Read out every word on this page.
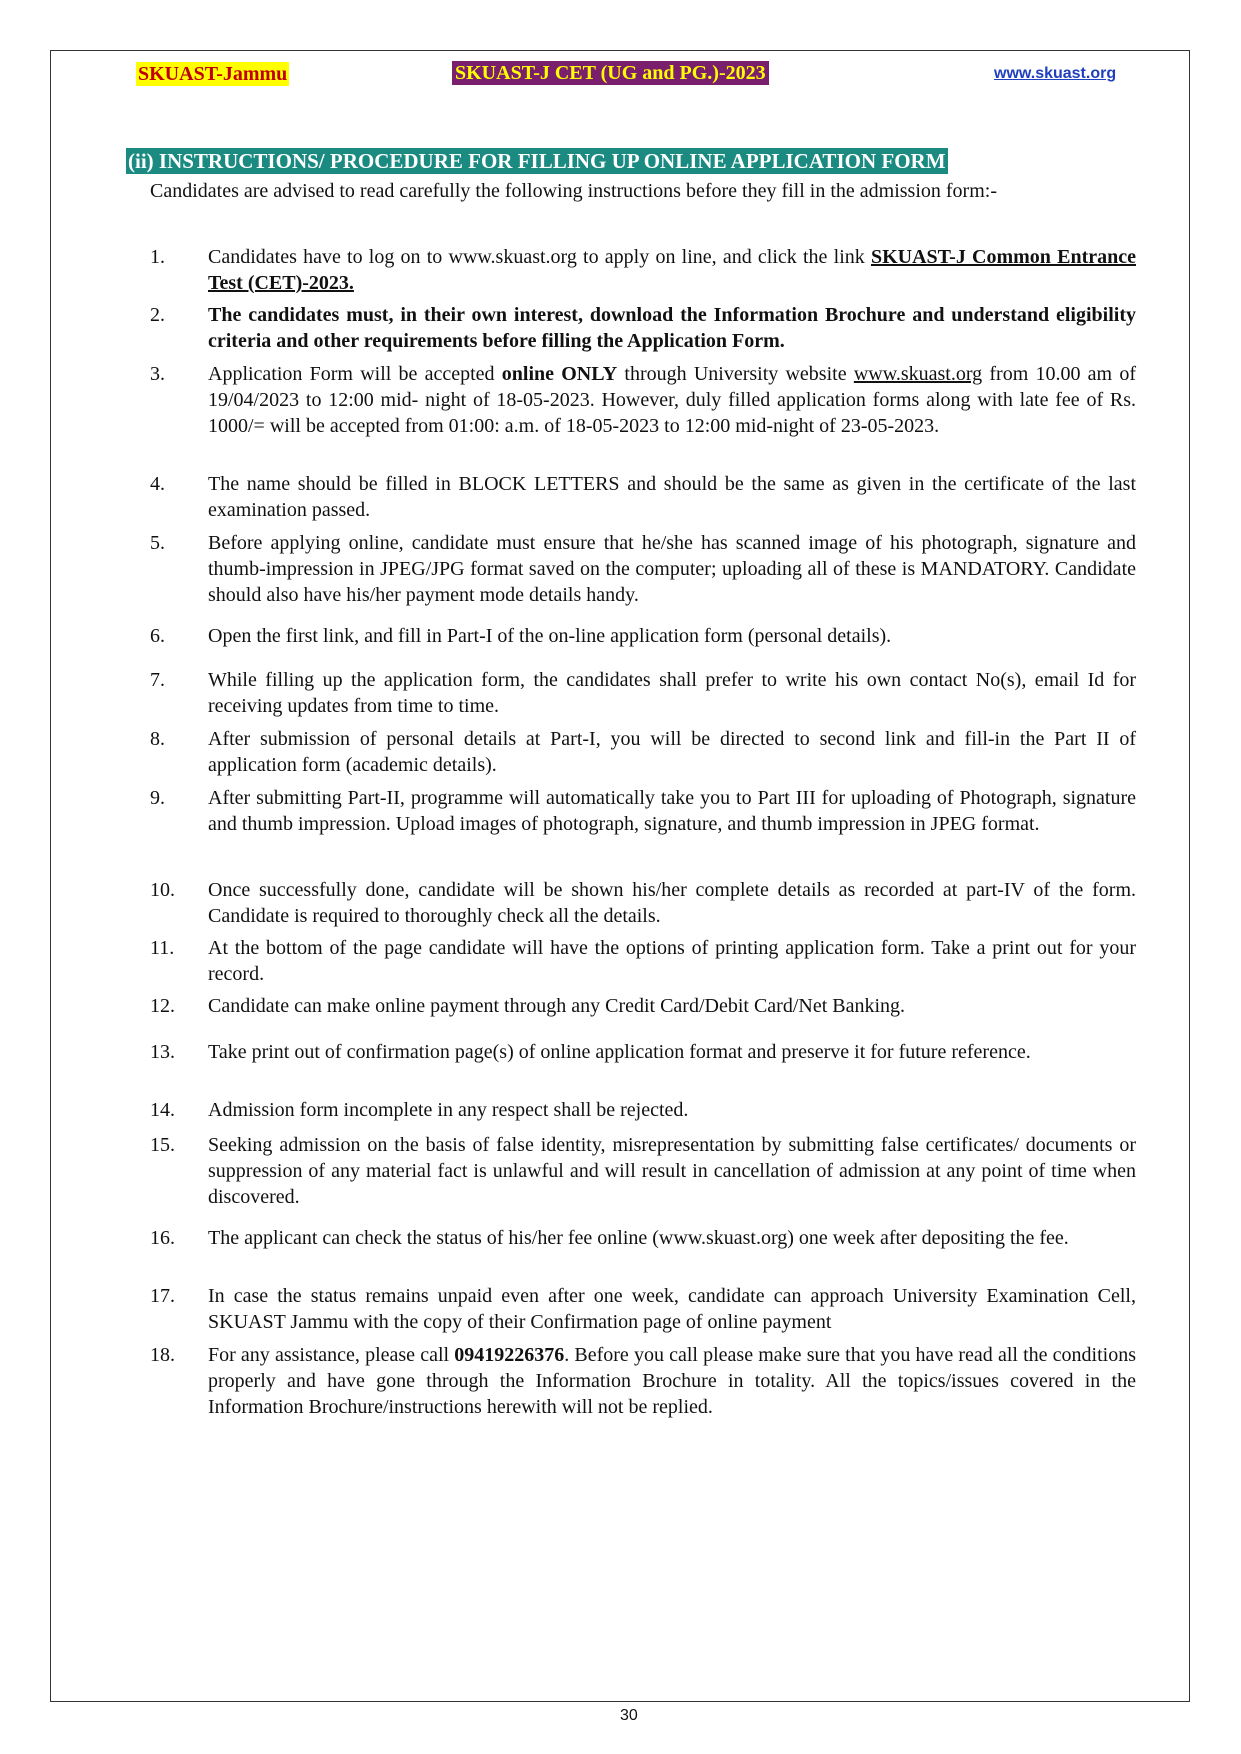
SKUAST-Jammu	SKUAST-J CET (UG and PG.)-2023	www.skuast.org
(ii) INSTRUCTIONS/ PROCEDURE FOR FILLING UP ONLINE APPLICATION FORM
Candidates are advised to read carefully the following instructions before they fill in the admission form:-
1. Candidates have to log on to www.skuast.org to apply on line, and click the link SKUAST-J Common Entrance Test (CET)-2023.
2. The candidates must, in their own interest, download the Information Brochure and understand eligibility criteria and other requirements before filling the Application Form.
3. Application Form will be accepted online ONLY through University website www.skuast.org from 10.00 am of 19/04/2023 to 12:00 mid- night of 18-05-2023. However, duly filled application forms along with late fee of Rs. 1000/= will be accepted from 01:00: a.m. of 18-05-2023 to 12:00 mid-night of 23-05-2023.
4. The name should be filled in BLOCK LETTERS and should be the same as given in the certificate of the last examination passed.
5. Before applying online, candidate must ensure that he/she has scanned image of his photograph, signature and thumb-impression in JPEG/JPG format saved on the computer; uploading all of these is MANDATORY. Candidate should also have his/her payment mode details handy.
6. Open the first link, and fill in Part-I of the on-line application form (personal details).
7. While filling up the application form, the candidates shall prefer to write his own contact No(s), email Id for receiving updates from time to time.
8. After submission of personal details at Part-I, you will be directed to second link and fill-in the Part II of application form (academic details).
9. After submitting Part-II, programme will automatically take you to Part III for uploading of Photograph, signature and thumb impression. Upload images of photograph, signature, and thumb impression in JPEG format.
10. Once successfully done, candidate will be shown his/her complete details as recorded at part-IV of the form. Candidate is required to thoroughly check all the details.
11. At the bottom of the page candidate will have the options of printing application form. Take a print out for your record.
12. Candidate can make online payment through any Credit Card/Debit Card/Net Banking.
13. Take print out of confirmation page(s) of online application format and preserve it for future reference.
14. Admission form incomplete in any respect shall be rejected.
15. Seeking admission on the basis of false identity, misrepresentation by submitting false certificates/ documents or suppression of any material fact is unlawful and will result in cancellation of admission at any point of time when discovered.
16. The applicant can check the status of his/her fee online (www.skuast.org) one week after depositing the fee.
17. In case the status remains unpaid even after one week, candidate can approach University Examination Cell, SKUAST Jammu with the copy of their Confirmation page of online payment
18. For any assistance, please call 09419226376. Before you call please make sure that you have read all the conditions properly and have gone through the Information Brochure in totality. All the topics/issues covered in the Information Brochure/instructions herewith will not be replied.
30
